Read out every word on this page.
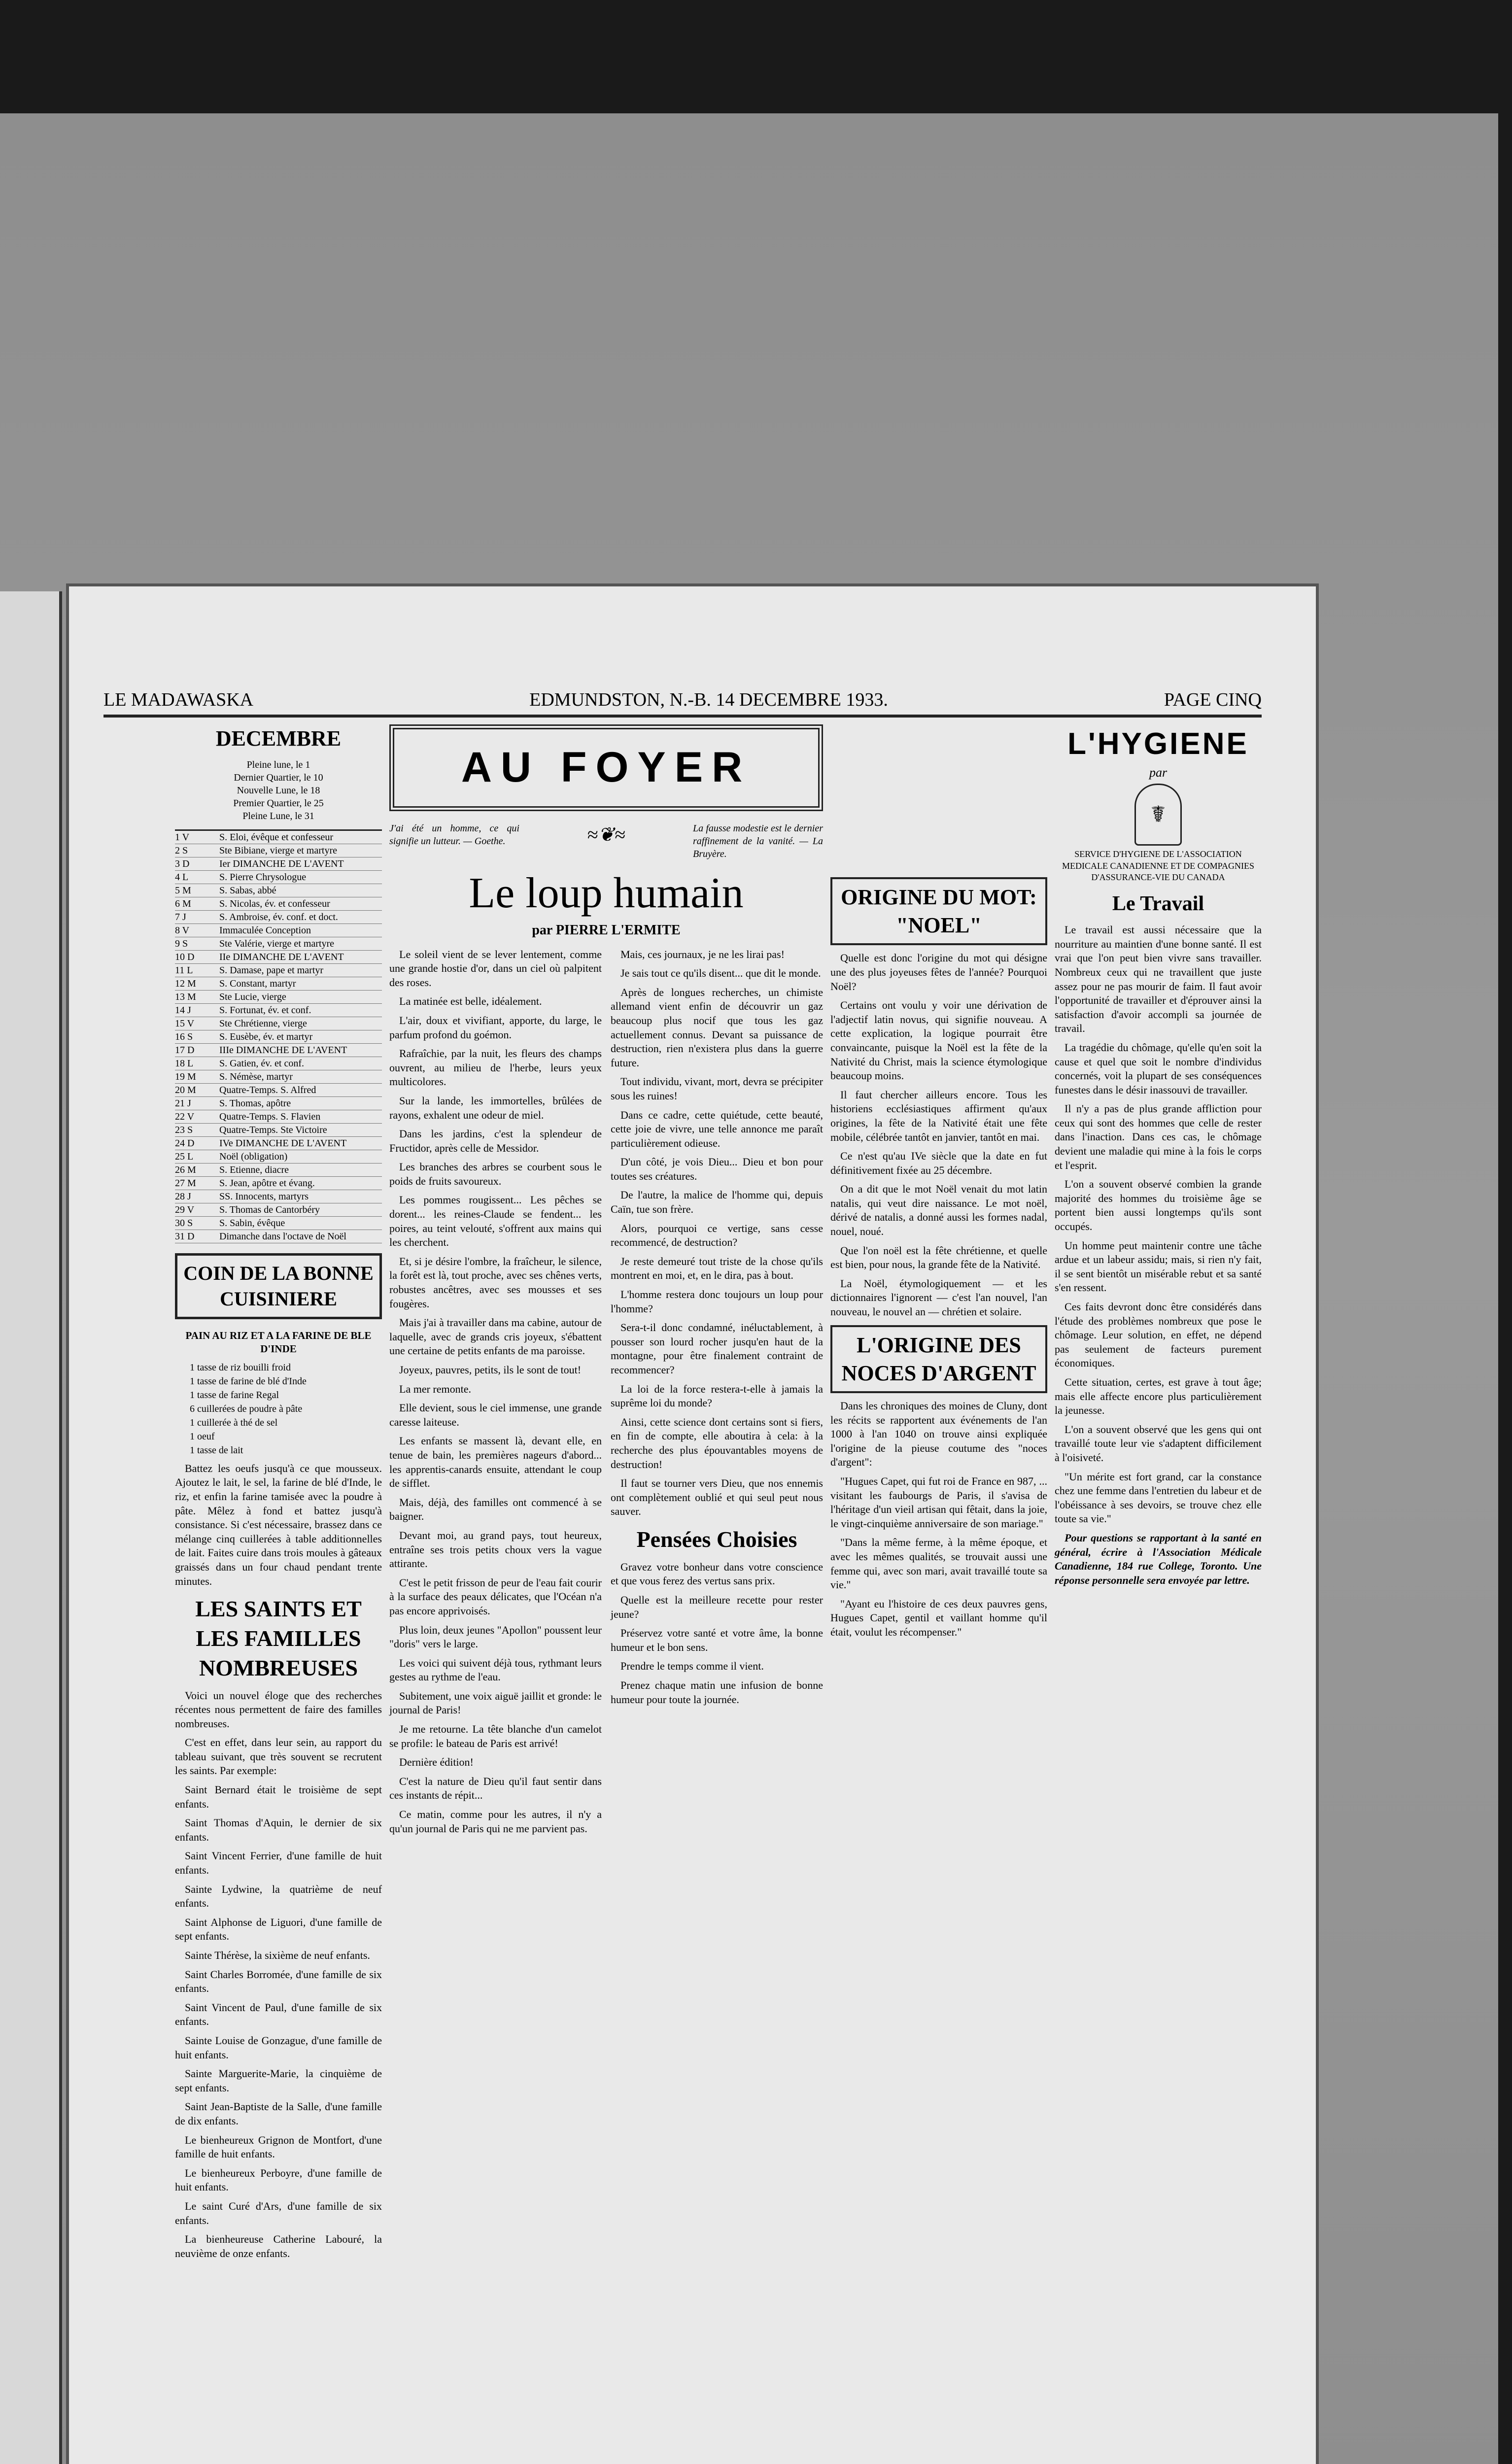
LE MADAWASKA	EDMUNDSTON, N.-B. 14 DECEMBRE 1933.	PAGE CINQ
DECEMBRE
Pleine lune, le 1
Dernier Quartier, le 10
Nouvelle Lune, le 18
Premier Quartier, le 25
Pleine Lune, le 31
1 V	S. Eloi, évêque et confesseur
2 S	Ste Bibiane, vierge et martyre
3 D	Ier DIMANCHE DE L'AVENT
4 L	S. Pierre Chrysologue
5 M	S. Sabas, abbé
6 M	S. Nicolas, év. et confesseur
7 J	S. Ambroise, év. conf. et doct.
8 V	Immaculée Conception
9 S	Ste Valérie, vierge et martyre
10 D	IIe DIMANCHE DE L'AVENT
11 L	S. Damase, pape et martyr
12 M	S. Constant, martyr
13 M	Ste Lucie, vierge
14 J	S. Fortunat, év. et conf.
15 V	Ste Chrétienne, vierge
16 S	S. Eusèbe, év. et martyr
17 D	IIIe DIMANCHE DE L'AVENT
18 L	S. Gatien, év. et conf.
19 M	S. Némèse, martyr
20 M	Quatre-Temps. S. Alfred
21 J	S. Thomas, apôtre
22 V	Quatre-Temps. S. Flavien
23 S	Quatre-Temps. Ste Victoire
24 D	IVe DIMANCHE DE L'AVENT
25 L	Noël (obligation)
26 M	S. Etienne, diacre
27 M	S. Jean, apôtre et évang.
28 J	SS. Innocents, martyrs
29 V	S. Thomas de Cantorbéry
30 S	S. Sabin, évêque
31 D	Dimanche dans l'octave de Noël
COIN DE LA BONNE CUISINIERE
PAIN AU RIZ ET A LA FARINE DE BLE D'INDE
1 tasse de riz bouilli froid
1 tasse de farine de blé d'Inde
1 tasse de farine Regal
6 cuillerées de poudre à pâte
1 cuillerée à thé de sel
1 oeuf
1 tasse de lait

Battez les oeufs jusqu'à ce que mousseux. Ajoutez le lait, le sel, la farine de blé d'Inde, le riz, et enfin la farine tamisée avec la poudre à pâte. Mêlez à fond et battez jusqu'à consistance. Si c'est nécessaire, brassez dans ce mélange cinq cuillerées à table additionnelles de lait. Faites cuire dans trois moules à gâteaux graissés dans un four chaud pendant trente minutes.

LES SAINTS ET LES FAMILLES NOMBREUSES

Voici un nouvel éloge que des recherches récentes nous permettent de faire des familles nombreuses.

C'est en effet, dans leur sein, au rapport du tableau suivant, que très souvent se recrutent les saints. Par exemple:

Saint Bernard était le troisième de sept enfants.

Saint Thomas d'Aquin, le dernier de six enfants.

Saint Vincent Ferrier, d'une famille de huit enfants.

Sainte Lydwine, la quatrième de neuf enfants.

Saint Alphonse de Liguori, d'une famille de sept enfants.

Sainte Thérèse, la sixième de neuf enfants.

Saint Charles Borromée, d'une famille de six enfants.

Saint Vincent de Paul, d'une famille de six enfants.

Sainte Louise de Gonzague, d'une famille de huit enfants.

Sainte Marguerite-Marie, la cinquième de sept enfants.

Saint Jean-Baptiste de la Salle, d'une famille de dix enfants.

Le bienheureux Grignon de Montfort, d'une famille de huit enfants.

Le bienheureux Perboyre, d'une famille de huit enfants.

Le saint Curé d'Ars, d'une famille de six enfants.

La bienheureuse Catherine Labouré, la neuvième de onze enfants.

AU FOYER
J'ai été un homme, ce qui signifie un lutteur. — Goethe.	≈❦≈	La fausse modestie est le dernier raffinement de la vanité. — La Bruyère.
Le loup humain
par PIERRE L'ERMITE

Le soleil vient de se lever lentement, comme une grande hostie d'or, dans un ciel où palpitent des roses.

La matinée est belle, idéalement.

L'air, doux et vivifiant, apporte, du large, le parfum profond du goémon.

Rafraîchie, par la nuit, les fleurs des champs ouvrent, au milieu de l'herbe, leurs yeux multicolores.

Sur la lande, les immortelles, brûlées de rayons, exhalent une odeur de miel.

Dans les jardins, c'est la splendeur de Fructidor, après celle de Messidor.

Les branches des arbres se courbent sous le poids de fruits savoureux.

Les pommes rougissent... Les pêches se dorent... les reines-Claude se fendent... les poires, au teint velouté, s'offrent aux mains qui les cherchent.

Et, si je désire l'ombre, la fraîcheur, le silence, la forêt est là, tout proche, avec ses chênes verts, robustes ancêtres, avec ses mousses et ses fougères.

Mais j'ai à travailler dans ma cabine, autour de laquelle, avec de grands cris joyeux, s'ébattent une certaine de petits enfants de ma paroisse.

Joyeux, pauvres, petits, ils le sont de tout!

La mer remonte.

Elle devient, sous le ciel immense, une grande caresse laiteuse.

Les enfants se massent là, devant elle, en tenue de bain, les premières nageurs d'abord... les apprentis-canards ensuite, attendant le coup de sifflet.

Mais, déjà, des familles ont commencé à se baigner.

Devant moi, au grand pays, tout heureux, entraîne ses trois petits choux vers la vague attirante.

C'est le petit frisson de peur de l'eau fait courir à la surface des peaux délicates, que l'Océan n'a pas encore apprivoisés.

Plus loin, deux jeunes "Apollon" poussent leur "doris" vers le large.

Les voici qui suivent déjà tous, rythmant leurs gestes au rythme de l'eau.

Subitement, une voix aiguë jaillit et gronde: le journal de Paris!

Je me retourne. La tête blanche d'un camelot se profile: le bateau de Paris est arrivé!

Dernière édition!

C'est la nature de Dieu qu'il faut sentir dans ces instants de répit...

Ce matin, comme pour les autres, il n'y a qu'un journal de Paris qui ne me parvient pas.

Mais, ces journaux, je ne les lirai pas!

Je sais tout ce qu'ils disent... que dit le monde.

Après de longues recherches, un chimiste allemand vient enfin de découvrir un gaz beaucoup plus nocif que tous les gaz actuellement connus. Devant sa puissance de destruction, rien n'existera plus dans la guerre future.

Tout individu, vivant, mort, devra se précipiter sous les ruines!

Dans ce cadre, cette quiétude, cette beauté, cette joie de vivre, une telle annonce me paraît particulièrement odieuse.

D'un côté, je vois Dieu... Dieu et bon pour toutes ses créatures.

De l'autre, la malice de l'homme qui, depuis Caïn, tue son frère.

Alors, pourquoi ce vertige, sans cesse recommencé, de destruction?

Je reste demeuré tout triste de la chose qu'ils montrent en moi, et, en le dira, pas à bout.

L'homme restera donc toujours un loup pour l'homme?

Sera-t-il donc condamné, inéluctablement, à pousser son lourd rocher jusqu'en haut de la montagne, pour être finalement contraint de recommencer?

La loi de la force restera-t-elle à jamais la suprême loi du monde?

Ainsi, cette science dont certains sont si fiers, en fin de compte, elle aboutira à cela: à la recherche des plus épouvantables moyens de destruction!

Il faut se tourner vers Dieu, que nos ennemis ont complètement oublié et qui seul peut nous sauver.

Pensées Choisies

Gravez votre bonheur dans votre conscience et que vous ferez des vertus sans prix.

Quelle est la meilleure recette pour rester jeune?

Préservez votre santé et votre âme, la bonne humeur et le bon sens.

Prendre le temps comme il vient.

Prenez chaque matin une infusion de bonne humeur pour toute la journée.

ORIGINE DU MOT: "NOEL"

Quelle est donc l'origine du mot qui désigne une des plus joyeuses fêtes de l'année? Pourquoi Noël?

Certains ont voulu y voir une dérivation de l'adjectif latin novus, qui signifie nouveau. A cette explication, la logique pourrait être convaincante, puisque la Noël est la fête de la Nativité du Christ, mais la science étymologique beaucoup moins.

Il faut chercher ailleurs encore. Tous les historiens ecclésiastiques affirment qu'aux origines, la fête de la Nativité était une fête mobile, célébrée tantôt en janvier, tantôt en mai.

Ce n'est qu'au IVe siècle que la date en fut définitivement fixée au 25 décembre.

On a dit que le mot Noël venait du mot latin natalis, qui veut dire naissance. Le mot noël, dérivé de natalis, a donné aussi les formes nadal, nouel, noué.

Que l'on noël est la fête chrétienne, et quelle est bien, pour nous, la grande fête de la Nativité.

La Noël, étymologiquement — et les dictionnaires l'ignorent — c'est l'an nouvel, l'an nouveau, le nouvel an — chrétien et solaire.

L'ORIGINE DES NOCES D'ARGENT

Dans les chroniques des moines de Cluny, dont les récits se rapportent aux événements de l'an 1000 à l'an 1040 on trouve ainsi expliquée l'origine de la pieuse coutume des "noces d'argent":

"Hugues Capet, qui fut roi de France en 987, ... visitant les faubourgs de Paris, il s'avisa de l'héritage d'un vieil artisan qui fêtait, dans la joie, le vingt-cinquième anniversaire de son mariage."

"Dans la même ferme, à la même époque, et avec les mêmes qualités, se trouvait aussi une femme qui, avec son mari, avait travaillé toute sa vie."

"Ayant eu l'histoire de ces deux pauvres gens, Hugues Capet, gentil et vaillant homme qu'il était, voulut les récompenser."

L'HYGIENE
par
☤
SERVICE D'HYGIENE DE L'ASSOCIATION MEDICALE CANADIENNE ET DE COMPAGNIES D'ASSURANCE-VIE DU CANADA
Le Travail

Le travail est aussi nécessaire que la nourriture au maintien d'une bonne santé. Il est vrai que l'on peut bien vivre sans travailler. Nombreux ceux qui ne travaillent que juste assez pour ne pas mourir de faim. Il faut avoir l'opportunité de travailler et d'éprouver ainsi la satisfaction d'avoir accompli sa journée de travail.

La tragédie du chômage, qu'elle qu'en soit la cause et quel que soit le nombre d'individus concernés, voit la plupart de ses conséquences funestes dans le désir inassouvi de travailler.

Il n'y a pas de plus grande affliction pour ceux qui sont des hommes que celle de rester dans l'inaction. Dans ces cas, le chômage devient une maladie qui mine à la fois le corps et l'esprit.

L'on a souvent observé combien la grande majorité des hommes du troisième âge se portent bien aussi longtemps qu'ils sont occupés.

Un homme peut maintenir contre une tâche ardue et un labeur assidu; mais, si rien n'y fait, il se sent bientôt un misérable rebut et sa santé s'en ressent.

Ces faits devront donc être considérés dans l'étude des problèmes nombreux que pose le chômage. Leur solution, en effet, ne dépend pas seulement de facteurs purement économiques.

Cette situation, certes, est grave à tout âge; mais elle affecte encore plus particulièrement la jeunesse.

L'on a souvent observé que les gens qui ont travaillé toute leur vie s'adaptent difficilement à l'oisiveté.

"Un mérite est fort grand, car la constance chez une femme dans l'entretien du labeur et de l'obéissance à ses devoirs, se trouve chez elle toute sa vie."

Pour questions se rapportant à la santé en général, écrire à l'Association Médicale Canadienne, 184 rue College, Toronto. Une réponse personnelle sera envoyée par lettre.
